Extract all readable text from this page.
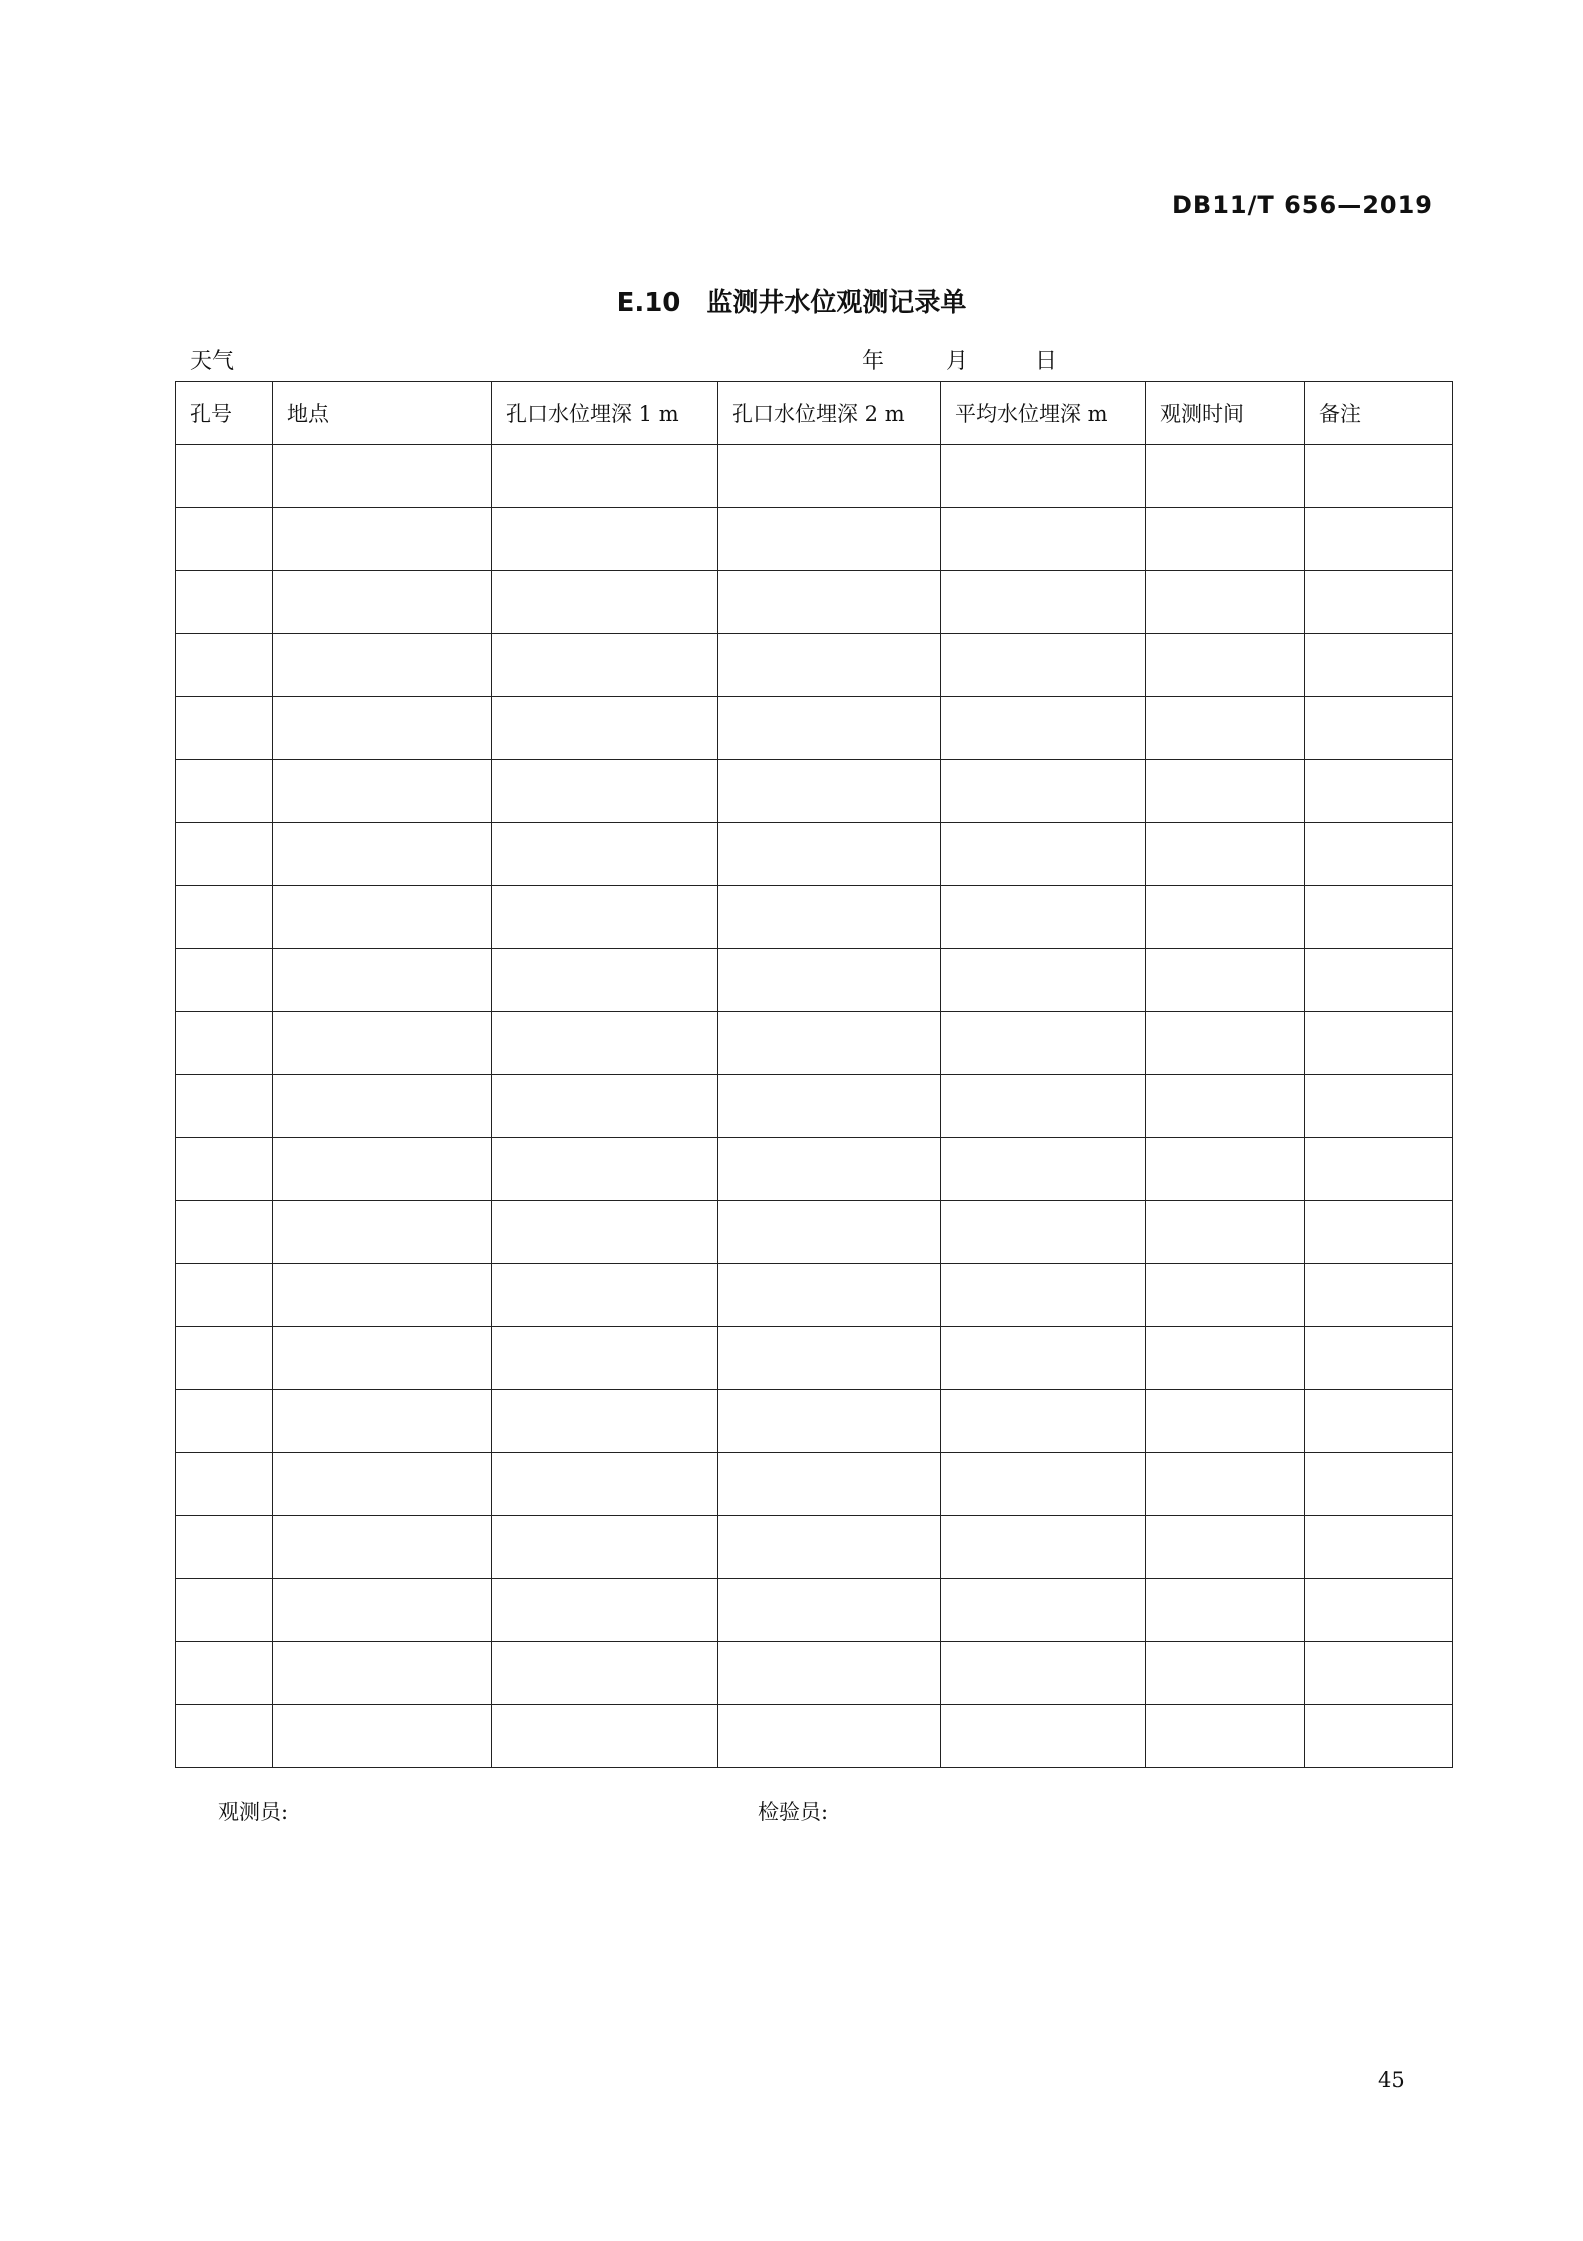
DB11/T 656—2019
E.10 监测井水位观测记录单
天气	年	月	日
孔号	地点	孔口水位埋深 1 m	孔口水位埋深 2 m	平均水位埋深 m	观测时间	备注

观测员:	检验员:
45
